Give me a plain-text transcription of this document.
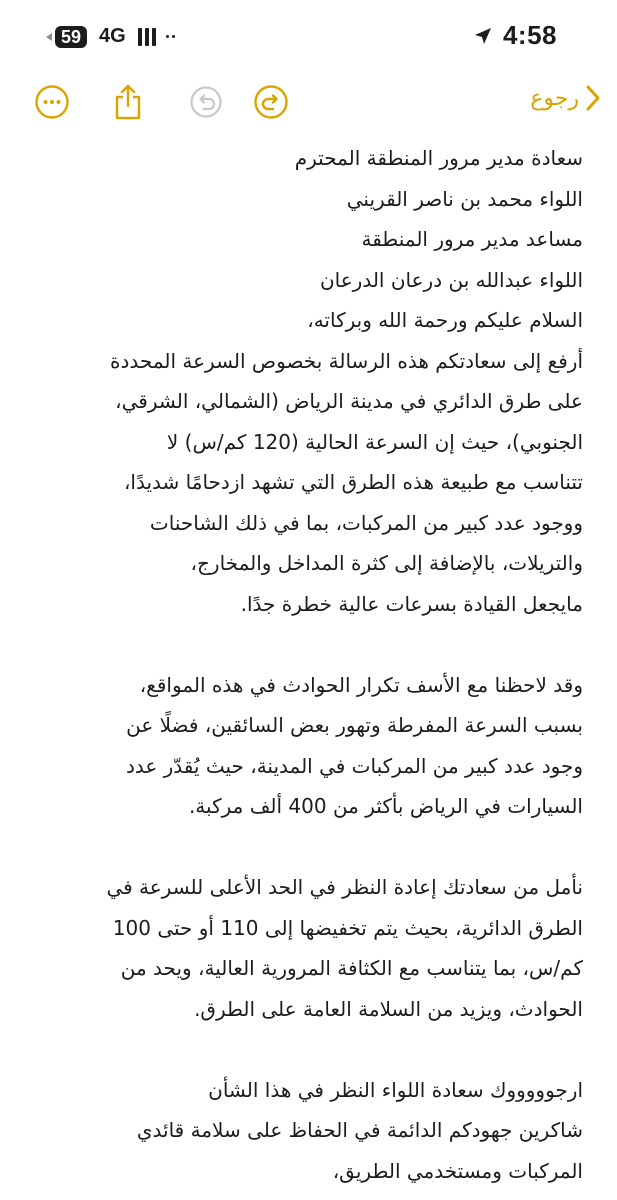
59 4G	4:58
رجوع

سعادة مدير مرور المنطقة المحترم

اللواء محمد بن ناصر القريني

مساعد مدير مرور المنطقة

اللواء عبدالله بن درعان الدرعان

السلام عليكم ورحمة الله وبركاته،

أرفع إلى سعادتكم هذه الرسالة بخصوص السرعة المحددة

على طرق الدائري في مدينة الرياض (الشمالي، الشرقي،

الجنوبي)، حيث إن السرعة الحالية (120 كم/س) لا

تتناسب مع طبيعة هذه الطرق التي تشهد ازدحامًا شديدًا،

ووجود عدد كبير من المركبات، بما في ذلك الشاحنات

والتريلات، بالإضافة إلى كثرة المداخل والمخارج،

مايجعل القيادة بسرعات عالية خطرة جدًا.

وقد لاحظنا مع الأسف تكرار الحوادث في هذه المواقع،

بسبب السرعة المفرطة وتهور بعض السائقين، فضلًا عن

وجود عدد كبير من المركبات في المدينة، حيث يُقدّر عدد

السيارات في الرياض بأكثر من 400 ألف مركبة.

نأمل من سعادتك إعادة النظر في الحد الأعلى للسرعة في

الطرق الدائرية، بحيث يتم تخفيضها إلى 110 أو حتى 100

كم/س، بما يتناسب مع الكثافة المرورية العالية، ويحد من

الحوادث، ويزيد من السلامة العامة على الطرق.

ارجوووووك سعادة اللواء النظر في هذا الشأن

شاكرين جهودكم الدائمة في الحفاظ على سلامة قائدي

المركبات ومستخدمي الطريق،
